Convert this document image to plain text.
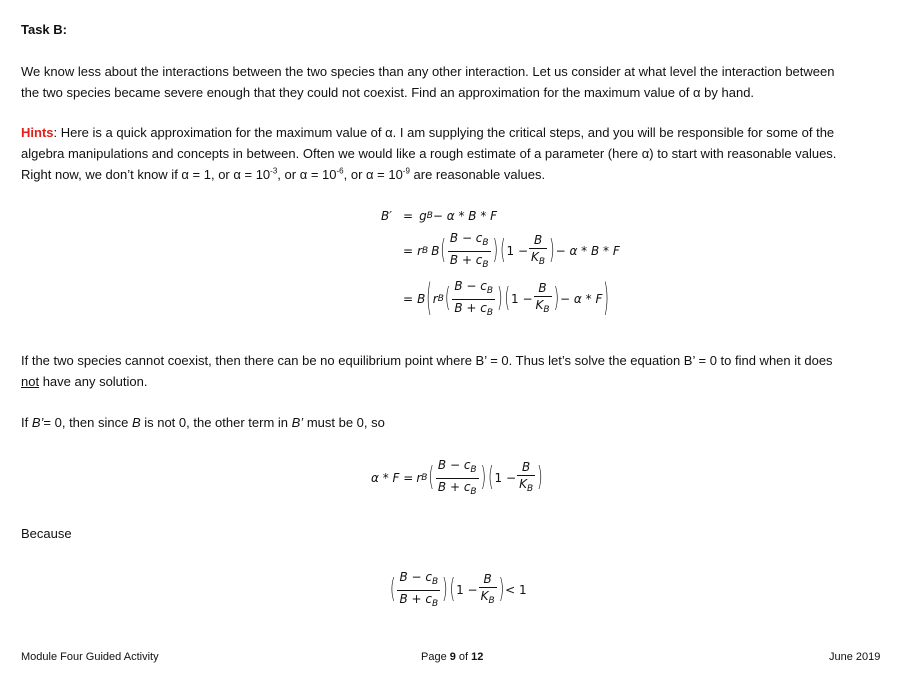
Task B:
We know less about the interactions between the two species than any other interaction. Let us consider at what level the interaction between
the two species became severe enough that they could not coexist. Find an approximation for the maximum value of α by hand.
Hints: Here is a quick approximation for the maximum value of α. I am supplying the critical steps, and you will be responsible for some of the
algebra manipulations and concepts in between. Often we would like a rough estimate of a parameter (here α) to start with reasonable values.
Right now, we don’t know if α = 1, or $\alpha = 10^{-3}$, or $\alpha = 10^{-6}$, or $\alpha = 10^{-9}$ are reasonable values.
B′ = g B − α * B * F
= r B B ( $\frac{B - c_B}{B + c_B}$ ) ( $1 - \frac{B}{K_B}$ ) − α * B * F
= B ( r B ( $\frac{B - c_B}{B + c_B}$ ) ( $1 - \frac{B}{K_B}$ ) − α * F )
If the two species cannot coexist, then there can be no equilibrium point where B’ = 0. Thus let’s solve the equation B’ = 0 to find when it does
not have any solution.
If B’= 0, then since B is not 0, the other term in B’ must be 0, so
α * F = r B ( $\frac{B - c_B}{B + c_B}$ ) ( $1 - \frac{B}{K_B}$ )
Because
( $\frac{B - c_B}{B + c_B}$ ) ( $1 - \frac{B}{K_B}$ ) < 1
Module Four Guided Activity	Page 9 of 12	June 2019
